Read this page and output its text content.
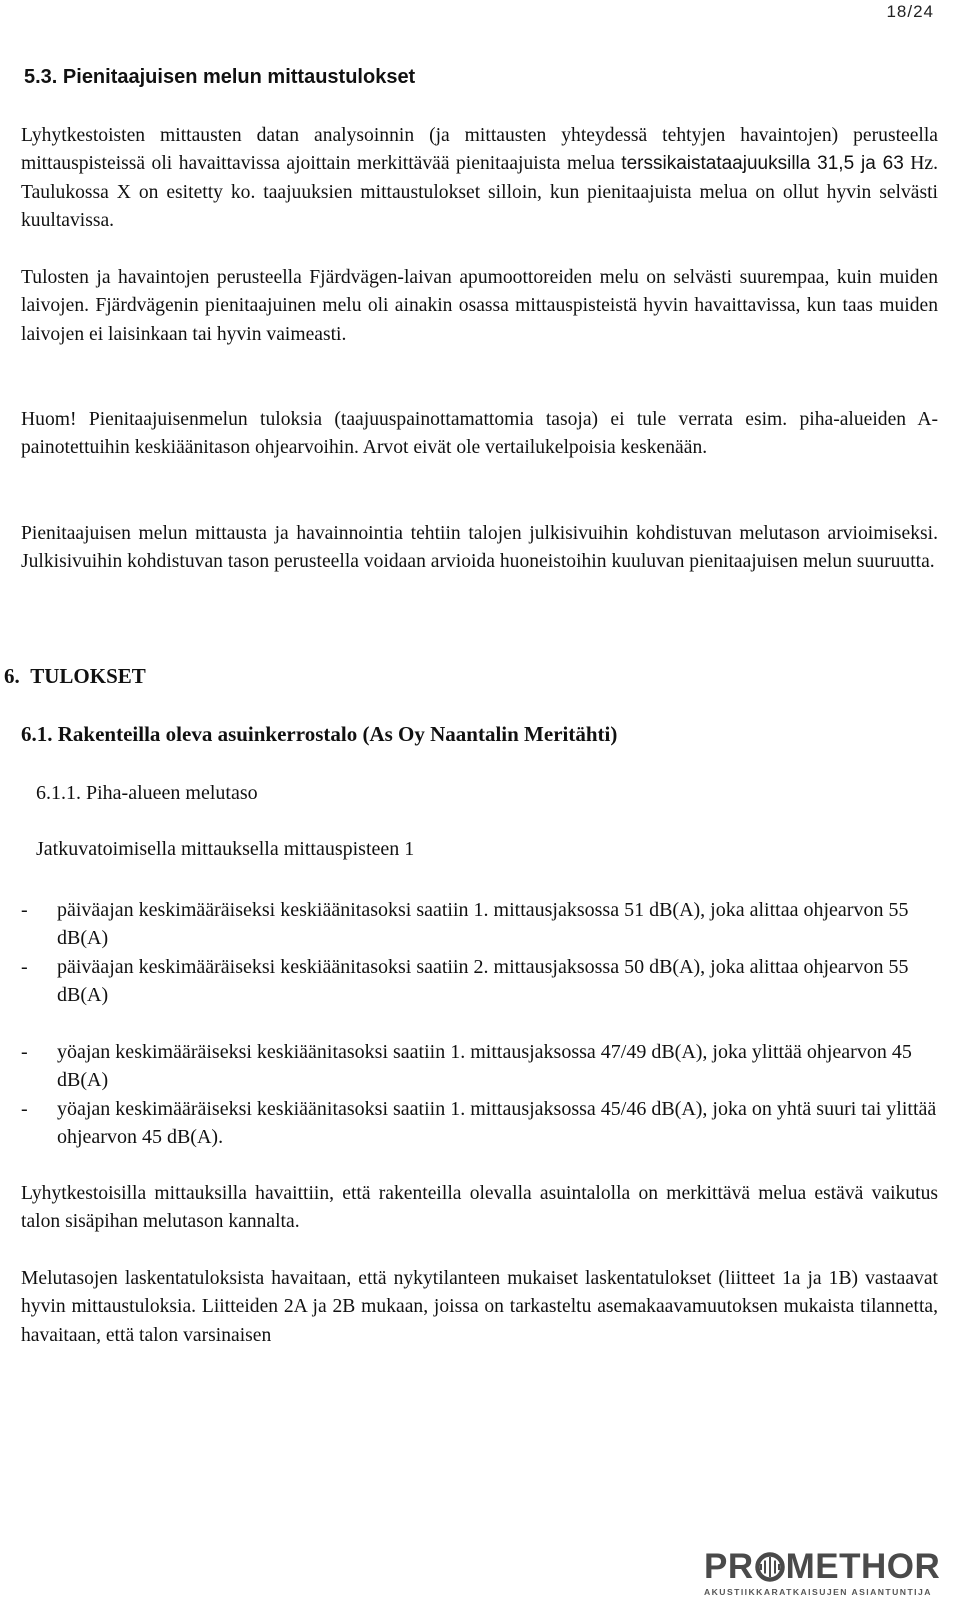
18/24
5.3. Pienitaajuisen melun mittaustulokset

Lyhytkestoisten mittausten datan analysoinnin (ja mittausten yhteydessä tehtyjen havaintojen) perusteella mittauspisteissä oli havaittavissa ajoittain merkittävää pienitaajuista melua terssikaistataajuuksilla 31,5 ja 63 Hz. Taulukossa X on esitetty ko. taajuuksien mittaustulokset silloin, kun pienitaajuista melua on ollut hyvin selvästi kuultavissa.

Tulosten ja havaintojen perusteella Fjärdvägen-laivan apumoottoreiden melu on selvästi suurempaa, kuin muiden laivojen. Fjärdvägenin pienitaajuinen melu oli ainakin osassa mittauspisteistä hyvin havaittavissa, kun taas muiden laivojen ei laisinkaan tai hyvin vaimeasti.

Huom! Pienitaajuisenmelun tuloksia (taajuuspainottamattomia tasoja) ei tule verrata esim. piha-alueiden A-painotettuihin keskiäänitason ohjearvoihin. Arvot eivät ole vertailukelpoisia keskenään.

Pienitaajuisen melun mittausta ja havainnointia tehtiin talojen julkisivuihin kohdistuvan melutason arvioimiseksi. Julkisivuihin kohdistuvan tason perusteella voidaan arvioida huoneistoihin kuuluvan pienitaajuisen melun suuruutta.

6. TULOKSET
6.1. Rakenteilla oleva asuinkerrostalo (As Oy Naantalin Meritähti)
6.1.1. Piha-alueen melutaso
Jatkuvatoimisella mittauksella mittauspisteen 1
- päiväajan keskimääräiseksi keskiäänitasoksi saatiin 1. mittausjaksossa 51 dB(A), joka alittaa ohjearvon 55 dB(A)
- päiväajan keskimääräiseksi keskiäänitasoksi saatiin 2. mittausjaksossa 50 dB(A), joka alittaa ohjearvon 55 dB(A)
- yöajan keskimääräiseksi keskiäänitasoksi saatiin 1. mittausjaksossa 47/49 dB(A), joka ylittää ohjearvon 45 dB(A)
- yöajan keskimääräiseksi keskiäänitasoksi saatiin 1. mittausjaksossa 45/46 dB(A), joka on yhtä suuri tai ylittää ohjearvon 45 dB(A).

Lyhytkestoisilla mittauksilla havaittiin, että rakenteilla olevalla asuintalolla on merkittävä melua estävä vaikutus talon sisäpihan melutason kannalta.

Melutasojen laskentatuloksista havaitaan, että nykytilanteen mukaiset laskentatulokset (liitteet 1a ja 1B) vastaavat hyvin mittaustuloksia. Liitteiden 2A ja 2B mukaan, joissa on tarkasteltu asemakaavamuutoksen mukaista tilannetta, havaitaan, että talon varsinaisen

PR METHOR
AKUSTIIKKARATKAISUJEN ASIANTUNTIJA
